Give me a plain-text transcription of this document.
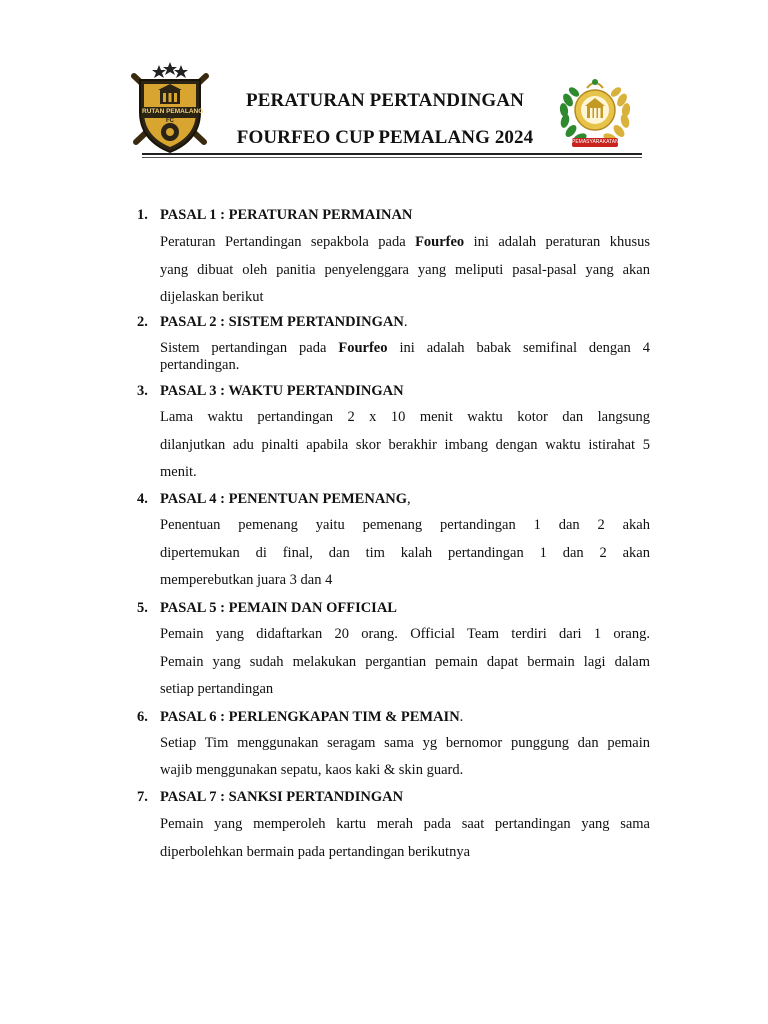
RUTAN PEMALANG
FC
PERATURAN PERTANDINGAN
FOURFEO CUP PEMALANG 2024	PEMASYARAKATAN
1. PASAL 1 : PERATURAN PERMAINAN
Peraturan Pertandingan sepakbola pada Fourfeo ini adalah peraturan khusus
yang dibuat oleh panitia penyelenggara yang meliputi pasal-pasal yang akan
dijelaskan berikut
2. PASAL 2 : SISTEM PERTANDINGAN.
Sistem pertandingan pada Fourfeo ini adalah babak semifinal dengan 4
pertandingan.
3. PASAL 3 : WAKTU PERTANDINGAN
Lama waktu pertandingan 2 x 10 menit waktu kotor dan langsung
dilanjutkan adu pinalti apabila skor berakhir imbang dengan waktu istirahat 5
menit.
4. PASAL 4 : PENENTUAN PEMENANG,
Penentuan pemenang yaitu pemenang pertandingan 1 dan 2 akah
dipertemukan di final, dan tim kalah pertandingan 1 dan 2 akan
memperebutkan juara 3 dan 4
5. PASAL 5 : PEMAIN DAN OFFICIAL
Pemain yang didaftarkan 20 orang. Official Team terdiri dari 1 orang.
Pemain yang sudah melakukan pergantian pemain dapat bermain lagi dalam
setiap pertandingan
6. PASAL 6 : PERLENGKAPAN TIM & PEMAIN.
Setiap Tim menggunakan seragam sama yg bernomor punggung dan pemain
wajib menggunakan sepatu, kaos kaki & skin guard.
7. PASAL 7 : SANKSI PERTANDINGAN
Pemain yang memperoleh kartu merah pada saat pertandingan yang sama
diperbolehkan bermain pada pertandingan berikutnya
